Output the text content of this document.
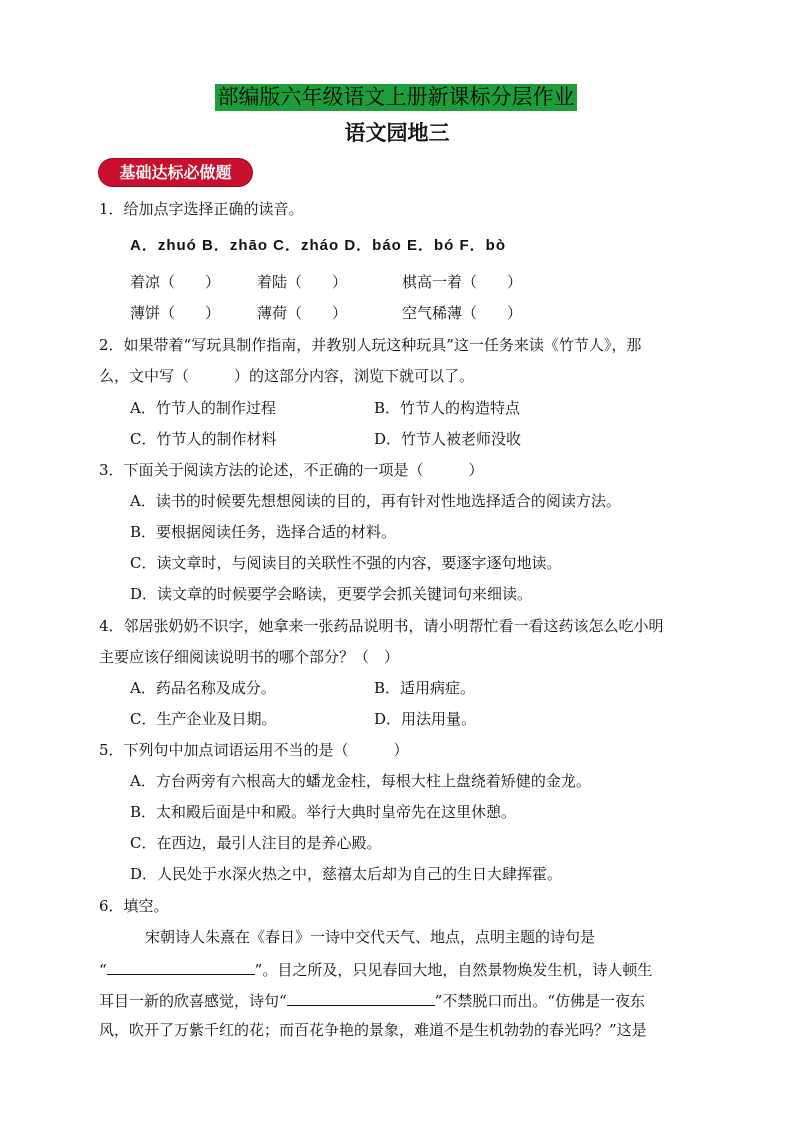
部编版六年级语文上册新课标分层作业
语文园地三
基础达标必做题
1．给加点字选择正确的读音。
A．zhuó B．zhāo C．zháo D．báo E．bó F．bò
着凉（　　） 着陆（　　）	棋高一着（　　）
薄饼（　　） 薄荷（　　）	空气稀薄（　　）
2．如果带着“写玩具制作指南，并教别人玩这种玩具”这一任务来读《竹节人》，那
么，文中写（　　　）的这部分内容，浏览下就可以了。
A．竹节人的制作过程	B．竹节人的构造特点
C．竹节人的制作材料	D．竹节人被老师没收
3．下面关于阅读方法的论述，不正确的一项是（　　　）
A．读书的时候要先想想阅读的目的，再有针对性地选择适合的阅读方法。
B．要根据阅读任务，选择合适的材料。
C．读文章时，与阅读目的关联性不强的内容，要逐字逐句地读。
D．读文章的时候要学会略读，更要学会抓关键词句来细读。
4．邻居张奶奶不识字，她拿来一张药品说明书，请小明帮忙看一看这药该怎么吃小明
主要应该仔细阅读说明书的哪个部分？（　）
A．药品名称及成分。	B．适用病症。
C．生产企业及日期。	D．用法用量。
5．下列句中加点词语运用不当的是（　　　）
A．方台两旁有六根高大的蟠龙金柱，每根大柱上盘绕着矫健的金龙。
B．太和殿后面是中和殿。举行大典时皇帝先在这里休憩。
C．在西边，最引人注目的是养心殿。
D．人民处于水深火热之中，慈禧太后却为自己的生日大肆挥霍。
6．填空。
宋朝诗人朱熹在《春日》一诗中交代天气、地点，点明主题的诗句是
“	”。目之所及，只见春回大地，自然景物焕发生机，诗人顿生
耳目一新的欣喜感觉，诗句“	”不禁脱口而出。“仿佛是一夜东
风，吹开了万紫千红的花；而百花争艳的景象，难道不是生机勃勃的春光吗？”这是
